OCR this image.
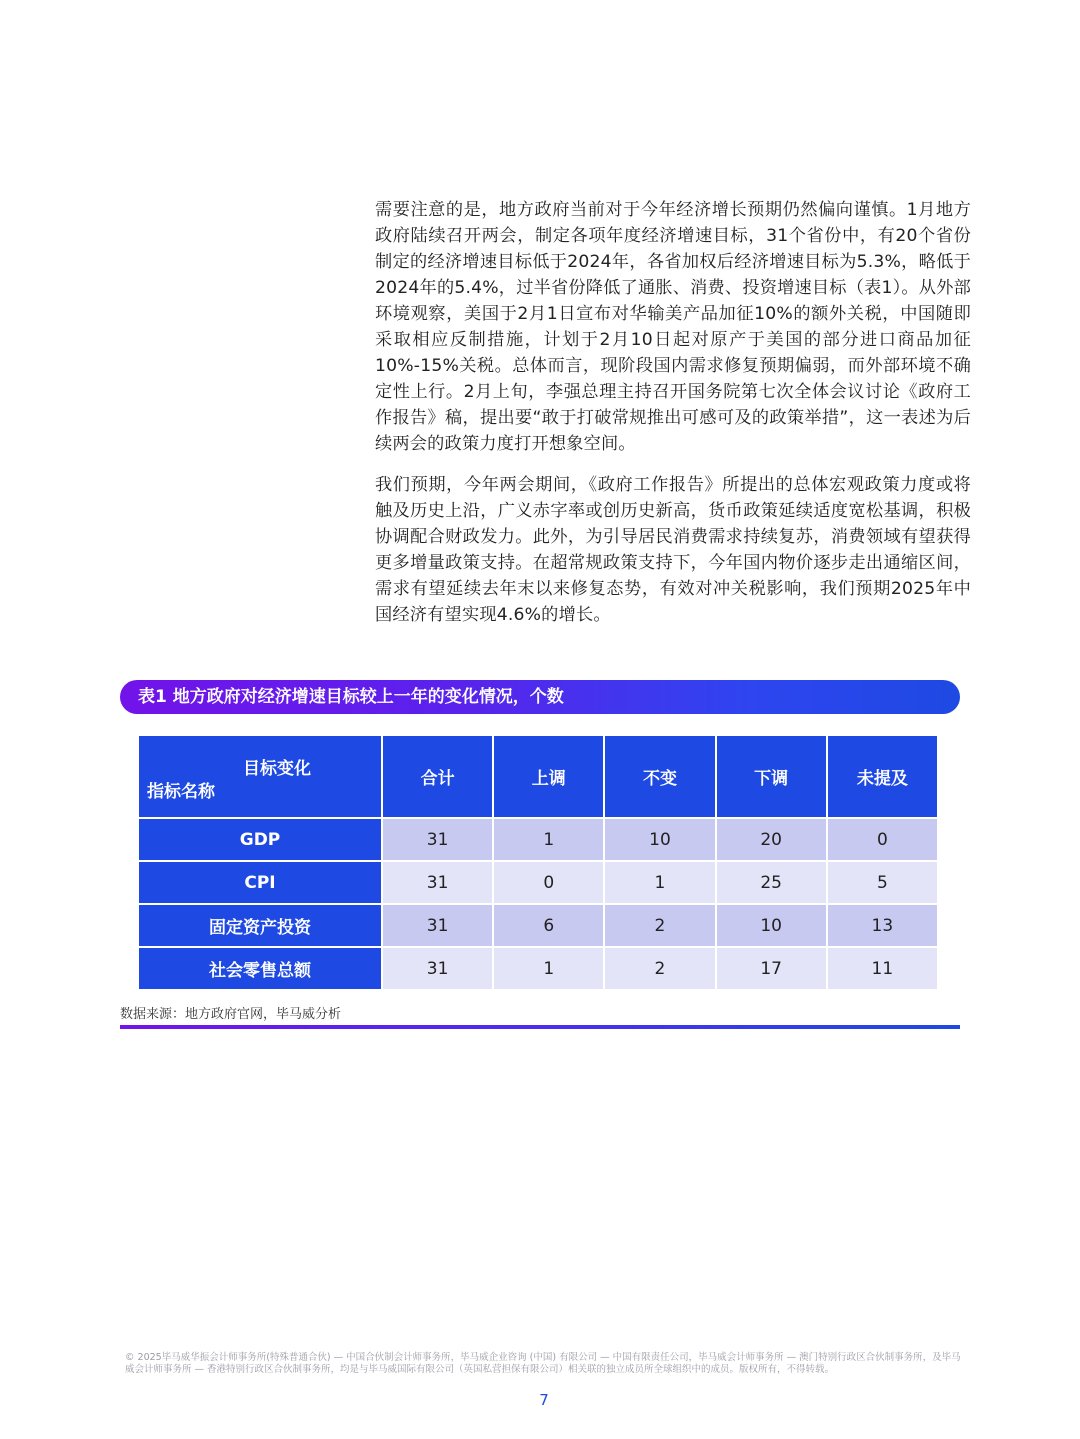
需要注意的是，地方政府当前对于今年经济增长预期仍然偏向谨慎。1月地方政府陆续召开两会，制定各项年度经济增速目标，31个省份中，有20个省份制定的经济增速目标低于2024年，各省加权后经济增速目标为5.3%，略低于2024年的5.4%，过半省份降低了通胀、消费、投资增速目标（表1）。从外部环境观察，美国于2月1日宣布对华输美产品加征10%的额外关税，中国随即采取相应反制措施，计划于2月10日起对原产于美国的部分进口商品加征10%-15%关税。总体而言，现阶段国内需求修复预期偏弱，而外部环境不确定性上行。2月上旬，李强总理主持召开国务院第七次全体会议讨论《政府工作报告》稿，提出要“敢于打破常规推出可感可及的政策举措”，这一表述为后续两会的政策力度打开想象空间。

我们预期，今年两会期间，《政府工作报告》所提出的总体宏观政策力度或将触及历史上沿，广义赤字率或创历史新高，货币政策延续适度宽松基调，积极协调配合财政发力。此外，为引导居民消费需求持续复苏，消费领域有望获得更多增量政策支持。在超常规政策支持下，今年国内物价逐步走出通缩区间，需求有望延续去年末以来修复态势，有效对冲关税影响，我们预期2025年中国经济有望实现4.6%的增长。

表1 地方政府对经济增速目标较上一年的变化情况，个数
目标变化
指标名称	合计	上调	不变	下调	未提及
GDP	31	1	10	20	0
CPI	31	0	1	25	5
固定资产投资	31	6	2	10	13
社会零售总额	31	1	2	17	11
数据来源：地方政府官网，毕马威分析
© 2025毕马威华振会计师事务所(特殊普通合伙) — 中国合伙制会计师事务所，毕马威企业咨询 (中国) 有限公司 — 中国有限责任公司，毕马威会计师事务所 — 澳门特别行政区合伙制事务所，及毕马威会计师事务所 — 香港特别行政区合伙制事务所，均是与毕马威国际有限公司（英国私营担保有限公司）相关联的独立成员所全球组织中的成员。版权所有，不得转载。
7
